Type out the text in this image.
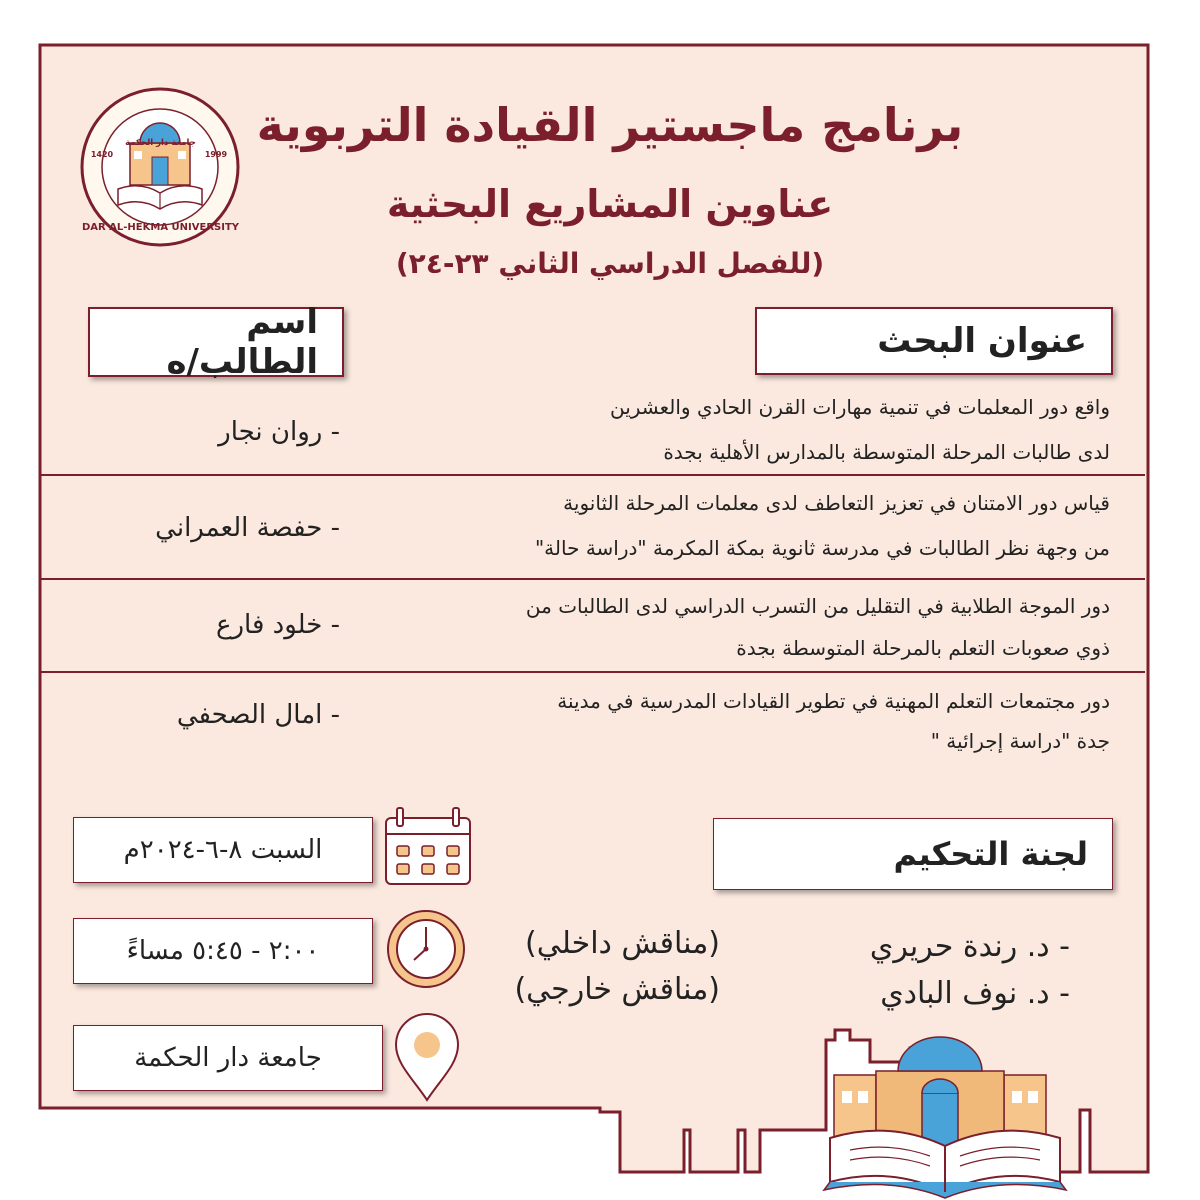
جامعة دار الحكمة
1420	1999
DAR AL-HEKMA UNIVERSITY
برنامج ماجستير القيادة التربوية
عناوين المشاريع البحثية
(للفصل الدراسي الثاني ٢٣-٢٤)
عنوان البحث
اسم الطالب/ه
واقع دور المعلمات في تنمية مهارات القرن الحادي والعشرين
لدى طالبات المرحلة المتوسطة بالمدارس الأهلية بجدة
- روان نجار
قياس دور الامتنان في تعزيز التعاطف لدى معلمات المرحلة الثانوية
من وجهة نظر الطالبات في مدرسة ثانوية بمكة المكرمة "دراسة حالة"
- حفصة العمراني
دور الموجة الطلابية في التقليل من التسرب الدراسي لدى الطالبات من
ذوي صعوبات التعلم بالمرحلة المتوسطة بجدة
- خلود فارع
دور مجتمعات التعلم المهنية في تطوير القيادات المدرسية في مدينة
جدة "دراسة إجرائية "
- امال الصحفي
السبت ٨-٦-٢٠٢٤م
٢:٠٠ - ٥:٤٥ مساءً
جامعة دار الحكمة
لجنة التحكيم
- د. رندة حريري
- د. نوف البادي
(مناقش داخلي)
(مناقش خارجي)
